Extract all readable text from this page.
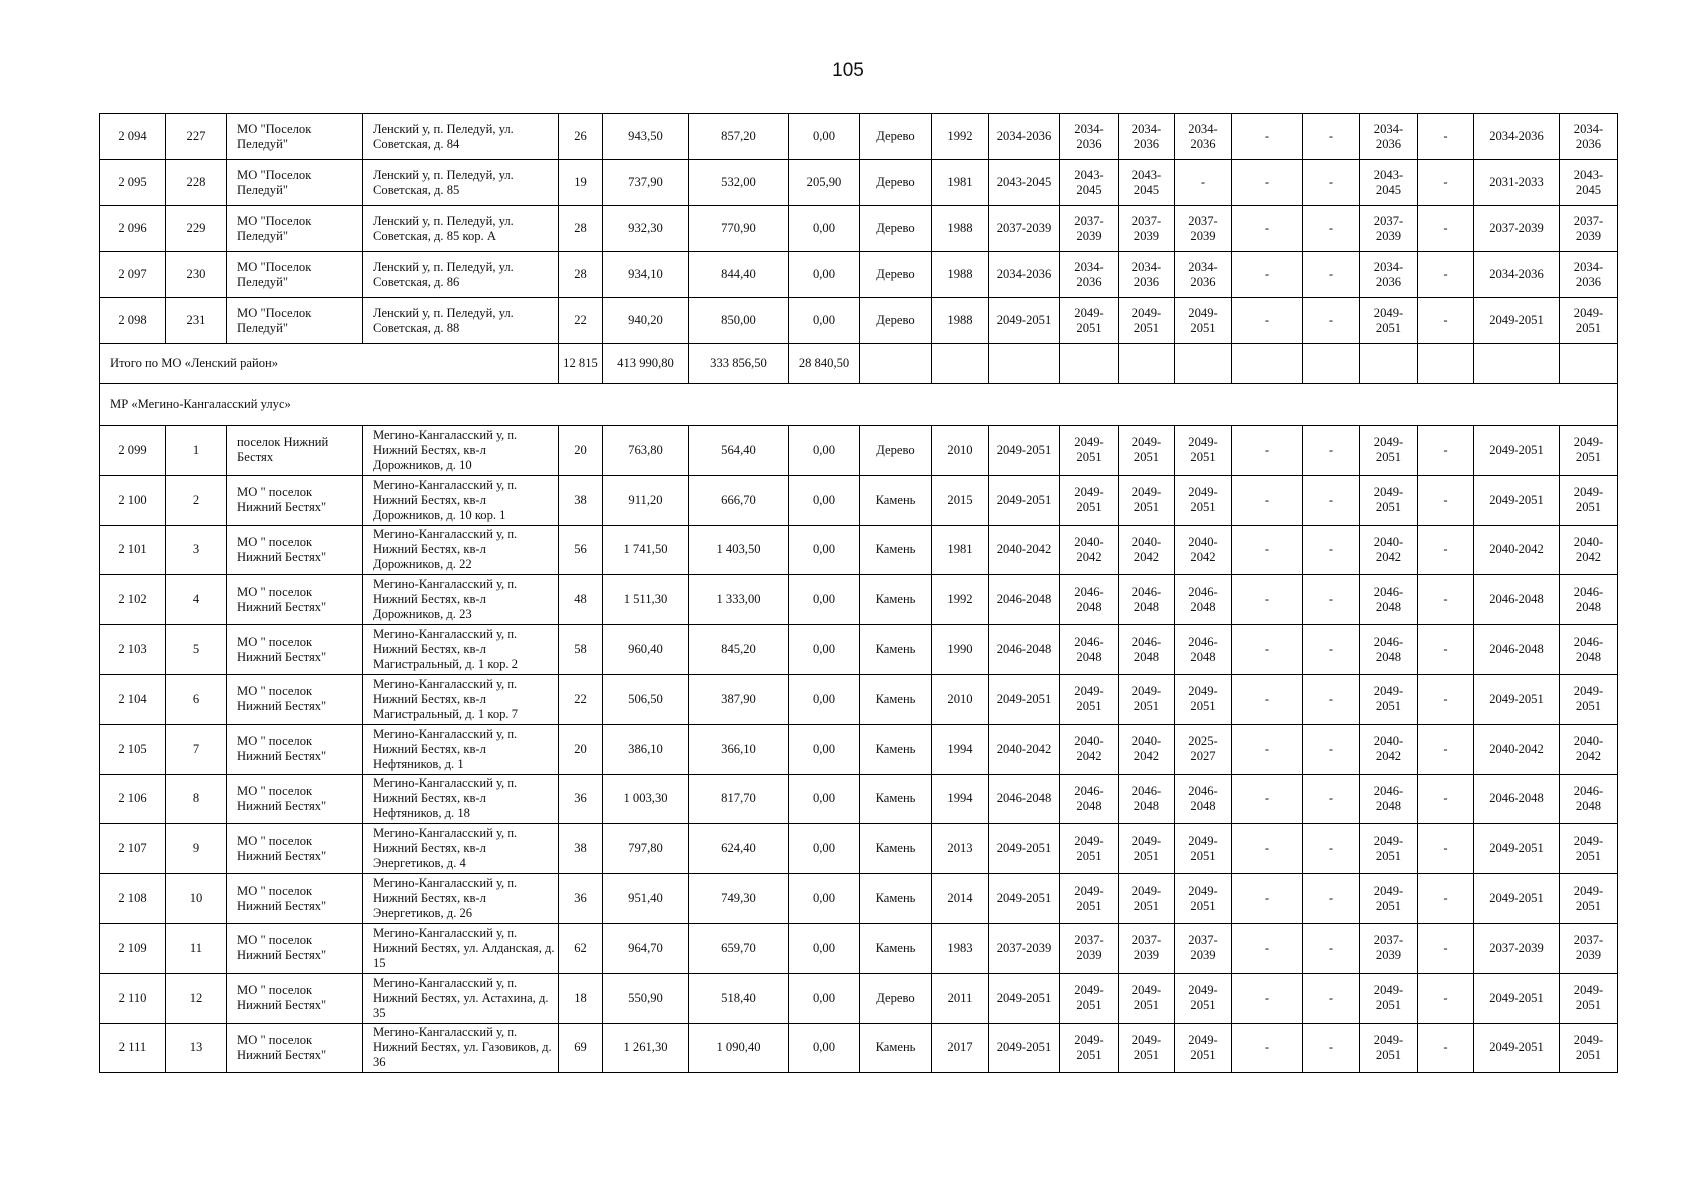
105
2 094	227	МО "Поселок Пеледуй"	Ленский у, п. Пеледуй, ул. Советская, д. 84	26	943,50	857,20	0,00	Дерево	1992	2034-2036	2034-2036	2034-2036	2034-2036	-	-	2034-2036	-	2034-2036	2034-2036
2 095	228	МО "Поселок Пеледуй"	Ленский у, п. Пеледуй, ул. Советская, д. 85	19	737,90	532,00	205,90	Дерево	1981	2043-2045	2043-2045	2043-2045	-	-	-	2043-2045	-	2031-2033	2043-2045
2 096	229	МО "Поселок Пеледуй"	Ленский у, п. Пеледуй, ул. Советская, д. 85 кор. А	28	932,30	770,90	0,00	Дерево	1988	2037-2039	2037-2039	2037-2039	2037-2039	-	-	2037-2039	-	2037-2039	2037-2039
2 097	230	МО "Поселок Пеледуй"	Ленский у, п. Пеледуй, ул. Советская, д. 86	28	934,10	844,40	0,00	Дерево	1988	2034-2036	2034-2036	2034-2036	2034-2036	-	-	2034-2036	-	2034-2036	2034-2036
2 098	231	МО "Поселок Пеледуй"	Ленский у, п. Пеледуй, ул. Советская, д. 88	22	940,20	850,00	0,00	Дерево	1988	2049-2051	2049-2051	2049-2051	2049-2051	-	-	2049-2051	-	2049-2051	2049-2051
Итого по МО «Ленский район»				12 815	413 990,80	333 856,50	28 840,50												
МР «Мегино-Кангаласский улус»																			
2 099	1	поселок Нижний Бестях	Мегино-Кангаласский у, п. Нижний Бестях, кв-л Дорожников, д. 10	20	763,80	564,40	0,00	Дерево	2010	2049-2051	2049-2051	2049-2051	2049-2051	-	-	2049-2051	-	2049-2051	2049-2051
2 100	2	МО " поселок Нижний Бестях"	Мегино-Кангаласский у, п. Нижний Бестях, кв-л Дорожников, д. 10 кор. 1	38	911,20	666,70	0,00	Камень	2015	2049-2051	2049-2051	2049-2051	2049-2051	-	-	2049-2051	-	2049-2051	2049-2051
2 101	3	МО " поселок Нижний Бестях"	Мегино-Кангаласский у, п. Нижний Бестях, кв-л Дорожников, д. 22	56	1 741,50	1 403,50	0,00	Камень	1981	2040-2042	2040-2042	2040-2042	2040-2042	-	-	2040-2042	-	2040-2042	2040-2042
2 102	4	МО " поселок Нижний Бестях"	Мегино-Кангаласский у, п. Нижний Бестях, кв-л Дорожников, д. 23	48	1 511,30	1 333,00	0,00	Камень	1992	2046-2048	2046-2048	2046-2048	2046-2048	-	-	2046-2048	-	2046-2048	2046-2048
2 103	5	МО " поселок Нижний Бестях"	Мегино-Кангаласский у, п. Нижний Бестях, кв-л Магистральный, д. 1 кор. 2	58	960,40	845,20	0,00	Камень	1990	2046-2048	2046-2048	2046-2048	2046-2048	-	-	2046-2048	-	2046-2048	2046-2048
2 104	6	МО " поселок Нижний Бестях"	Мегино-Кангаласский у, п. Нижний Бестях, кв-л Магистральный, д. 1 кор. 7	22	506,50	387,90	0,00	Камень	2010	2049-2051	2049-2051	2049-2051	2049-2051	-	-	2049-2051	-	2049-2051	2049-2051
2 105	7	МО " поселок Нижний Бестях"	Мегино-Кангаласский у, п. Нижний Бестях, кв-л Нефтяников, д. 1	20	386,10	366,10	0,00	Камень	1994	2040-2042	2040-2042	2040-2042	2025-2027	-	-	2040-2042	-	2040-2042	2040-2042
2 106	8	МО " поселок Нижний Бестях"	Мегино-Кангаласский у, п. Нижний Бестях, кв-л Нефтяников, д. 18	36	1 003,30	817,70	0,00	Камень	1994	2046-2048	2046-2048	2046-2048	2046-2048	-	-	2046-2048	-	2046-2048	2046-2048
2 107	9	МО " поселок Нижний Бестях"	Мегино-Кангаласский у, п. Нижний Бестях, кв-л Энергетиков, д. 4	38	797,80	624,40	0,00	Камень	2013	2049-2051	2049-2051	2049-2051	2049-2051	-	-	2049-2051	-	2049-2051	2049-2051
2 108	10	МО " поселок Нижний Бестях"	Мегино-Кангаласский у, п. Нижний Бестях, кв-л Энергетиков, д. 26	36	951,40	749,30	0,00	Камень	2014	2049-2051	2049-2051	2049-2051	2049-2051	-	-	2049-2051	-	2049-2051	2049-2051
2 109	11	МО " поселок Нижний Бестях"	Мегино-Кангаласский у, п. Нижний Бестях, ул. Алданская, д. 15	62	964,70	659,70	0,00	Камень	1983	2037-2039	2037-2039	2037-2039	2037-2039	-	-	2037-2039	-	2037-2039	2037-2039
2 110	12	МО " поселок Нижний Бестях"	Мегино-Кангаласский у, п. Нижний Бестях, ул. Астахина, д. 35	18	550,90	518,40	0,00	Дерево	2011	2049-2051	2049-2051	2049-2051	2049-2051	-	-	2049-2051	-	2049-2051	2049-2051
2 111	13	МО " поселок Нижний Бестях"	Мегино-Кангаласский у, п. Нижний Бестях, ул. Газовиков, д. 36	69	1 261,30	1 090,40	0,00	Камень	2017	2049-2051	2049-2051	2049-2051	2049-2051	-	-	2049-2051	-	2049-2051	2049-2051
